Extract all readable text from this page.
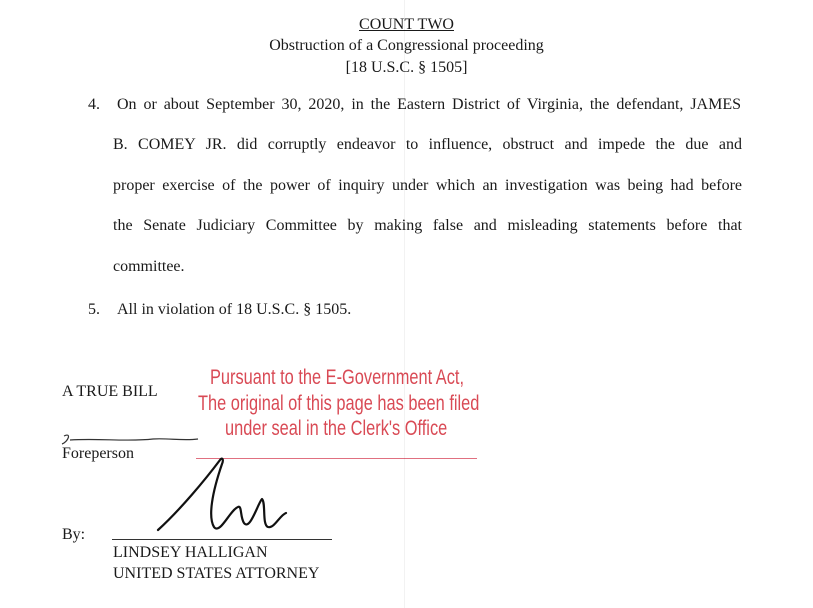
COUNT TWO
Obstruction of a Congressional proceeding
[18 U.S.C. § 1505]
4. On or about September 30, 2020, in the Eastern District of Virginia, the defendant, JAMES
B. COMEY JR. did corruptly endeavor to influence, obstruct and impede the due and
proper exercise of the power of inquiry under which an investigation was being had before
the Senate Judiciary Committee by making false and misleading statements before that
committee.
5. All in violation of 18 U.S.C. § 1505.
A TRUE BILL
Pursuant to the E-Government Act,
The original of this page has been filed
under seal in the Clerk's Office
Foreperson
By:
LINDSEY HALLIGAN
UNITED STATES ATTORNEY
